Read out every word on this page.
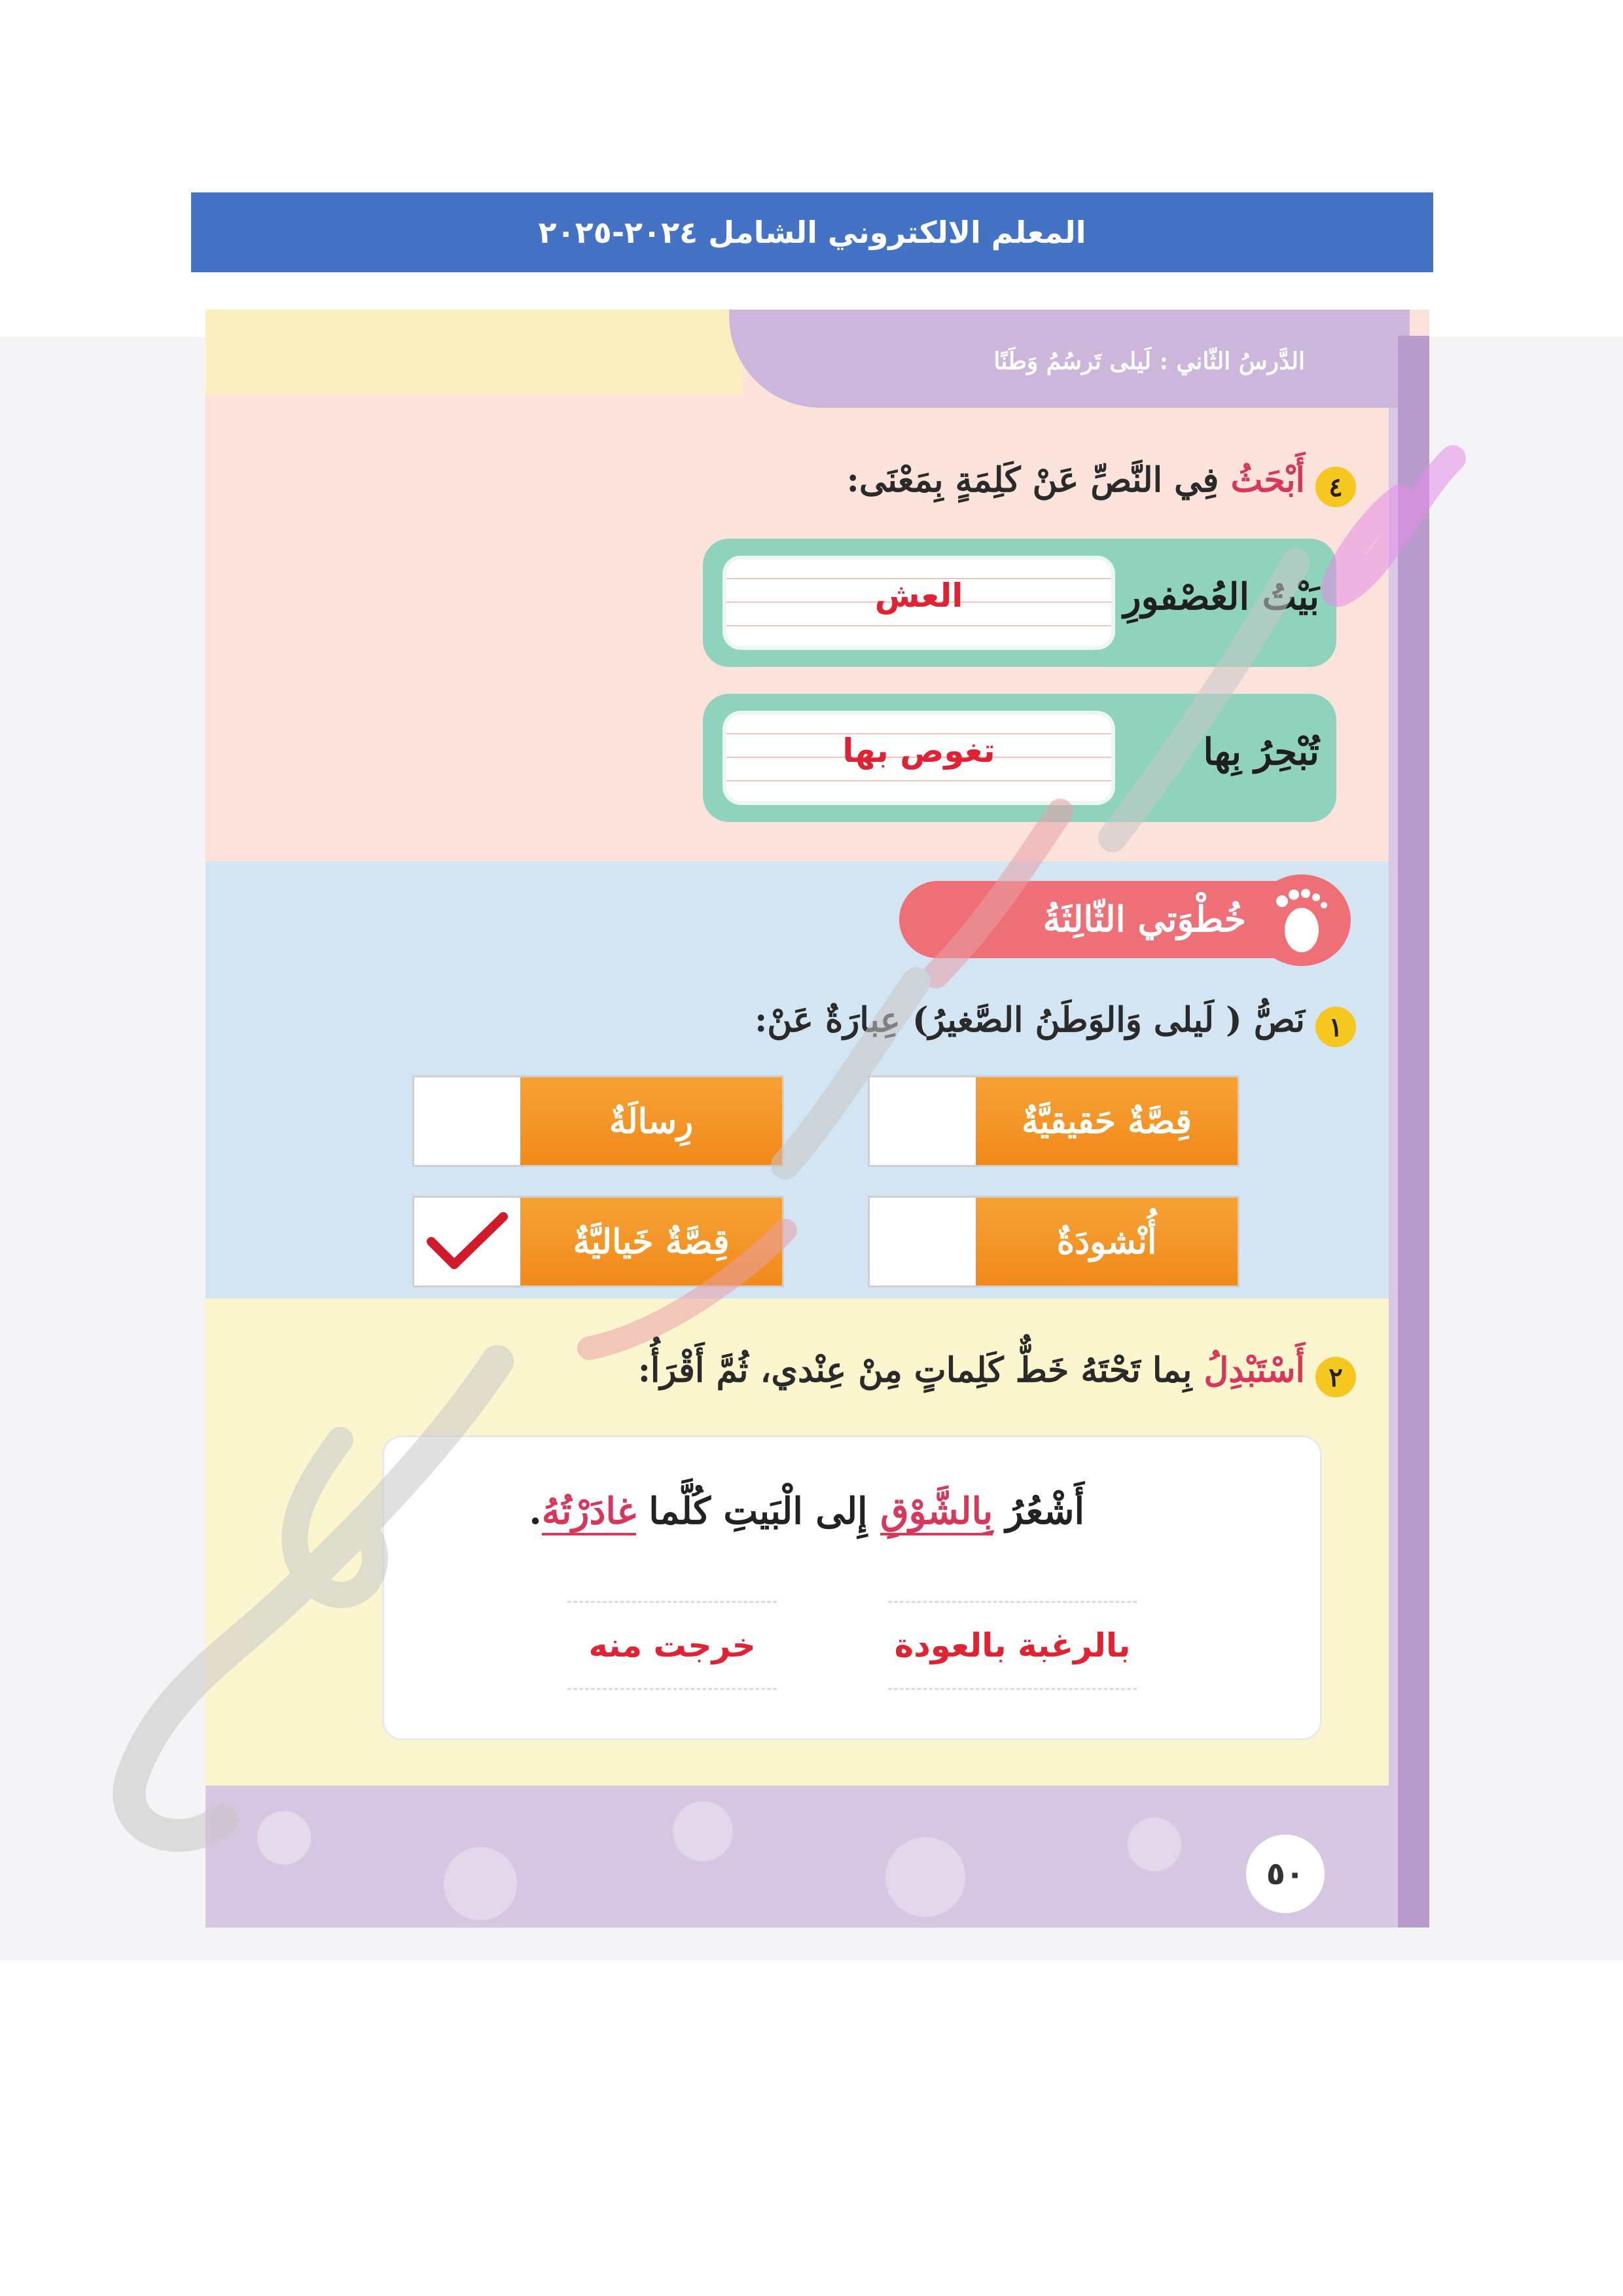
المعلم الالكتروني الشامل ٢٠٢٤-٢٠٢٥
الدَّرسُ الثّاني : لَيلى تَرسُمُ وَطَنًا
٤
أَبْحَثُ فِي النَّصِّ عَنْ كَلِمَةٍ بِمَعْنَى:
العش	بَيْتُ العُصْفورِ
تغوص بها	تُبْحِرُ بِها
خُطْوَتي الثّالِثَةُ
١
نَصُّ ( لَيلى وَالوَطَنُ الصَّغيرُ) عِبارَةٌ عَنْ:
قِصَّةٌ حَقيقيَّةٌ
رِسالَةٌ
أُنْشودَةٌ
قِصَّةٌ خَياليَّةٌ
٢
أَسْتَبْدِلُ بِما تَحْتَهُ خَطٌّ كَلِماتٍ مِنْ عِنْدي، ثُمَّ أَقْرَأُ:
أَشْعُرُ بِالشَّوْقِ إِلى الْبَيتِ كُلَّما غادَرْتُهُ.
بالرغبة بالعودة
خرجت منه
٥٠
